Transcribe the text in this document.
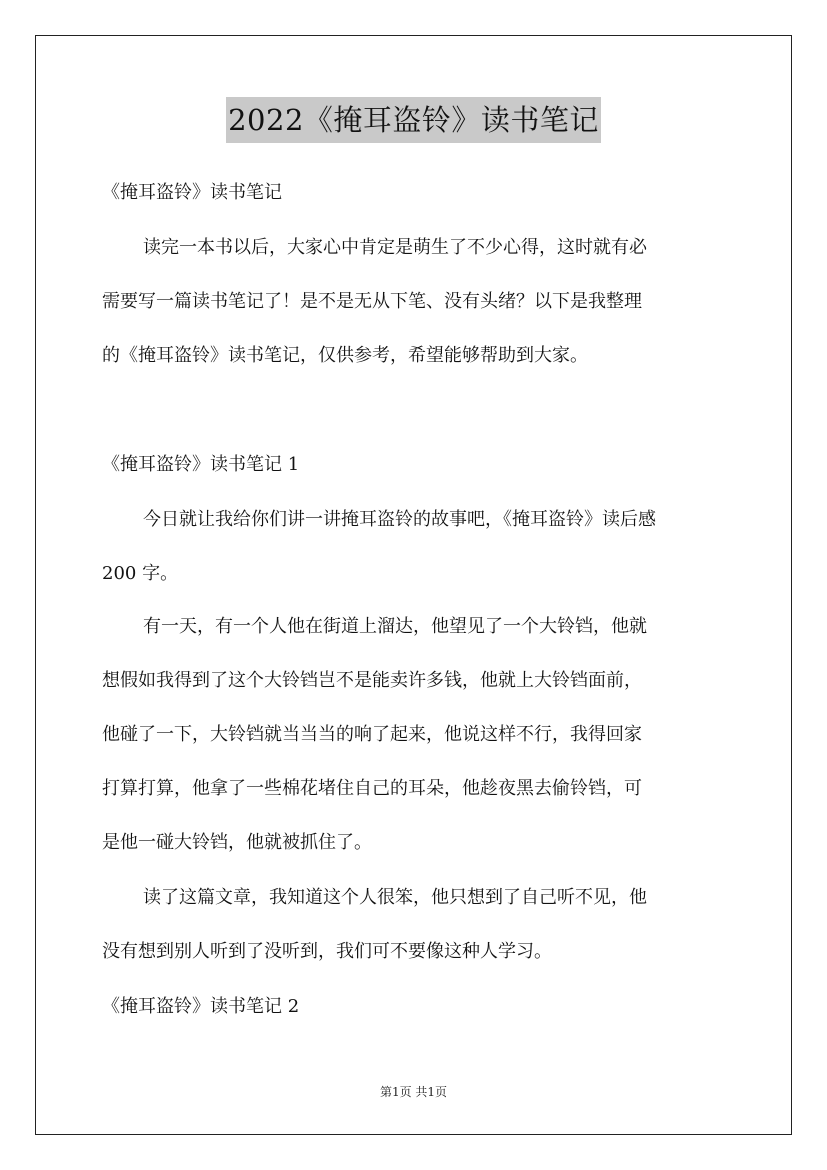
2022《掩耳盗铃》读书笔记
《掩耳盗铃》读书笔记
读完一本书以后，大家心中肯定是萌生了不少心得，这时就有必
需要写一篇读书笔记了！是不是无从下笔、没有头绪？以下是我整理
的《掩耳盗铃》读书笔记，仅供参考，希望能够帮助到大家。
《掩耳盗铃》读书笔记 1
今日就让我给你们讲一讲掩耳盗铃的故事吧，《掩耳盗铃》读后感
200 字。
有一天，有一个人他在街道上溜达，他望见了一个大铃铛，他就
想假如我得到了这个大铃铛岂不是能卖许多钱，他就上大铃铛面前，
他碰了一下，大铃铛就当当当的响了起来，他说这样不行，我得回家
打算打算，他拿了一些棉花堵住自己的耳朵，他趁夜黑去偷铃铛，可
是他一碰大铃铛，他就被抓住了。
读了这篇文章，我知道这个人很笨，他只想到了自己听不见，他
没有想到别人听到了没听到，我们可不要像这种人学习。
《掩耳盗铃》读书笔记 2
第1页 共1页
